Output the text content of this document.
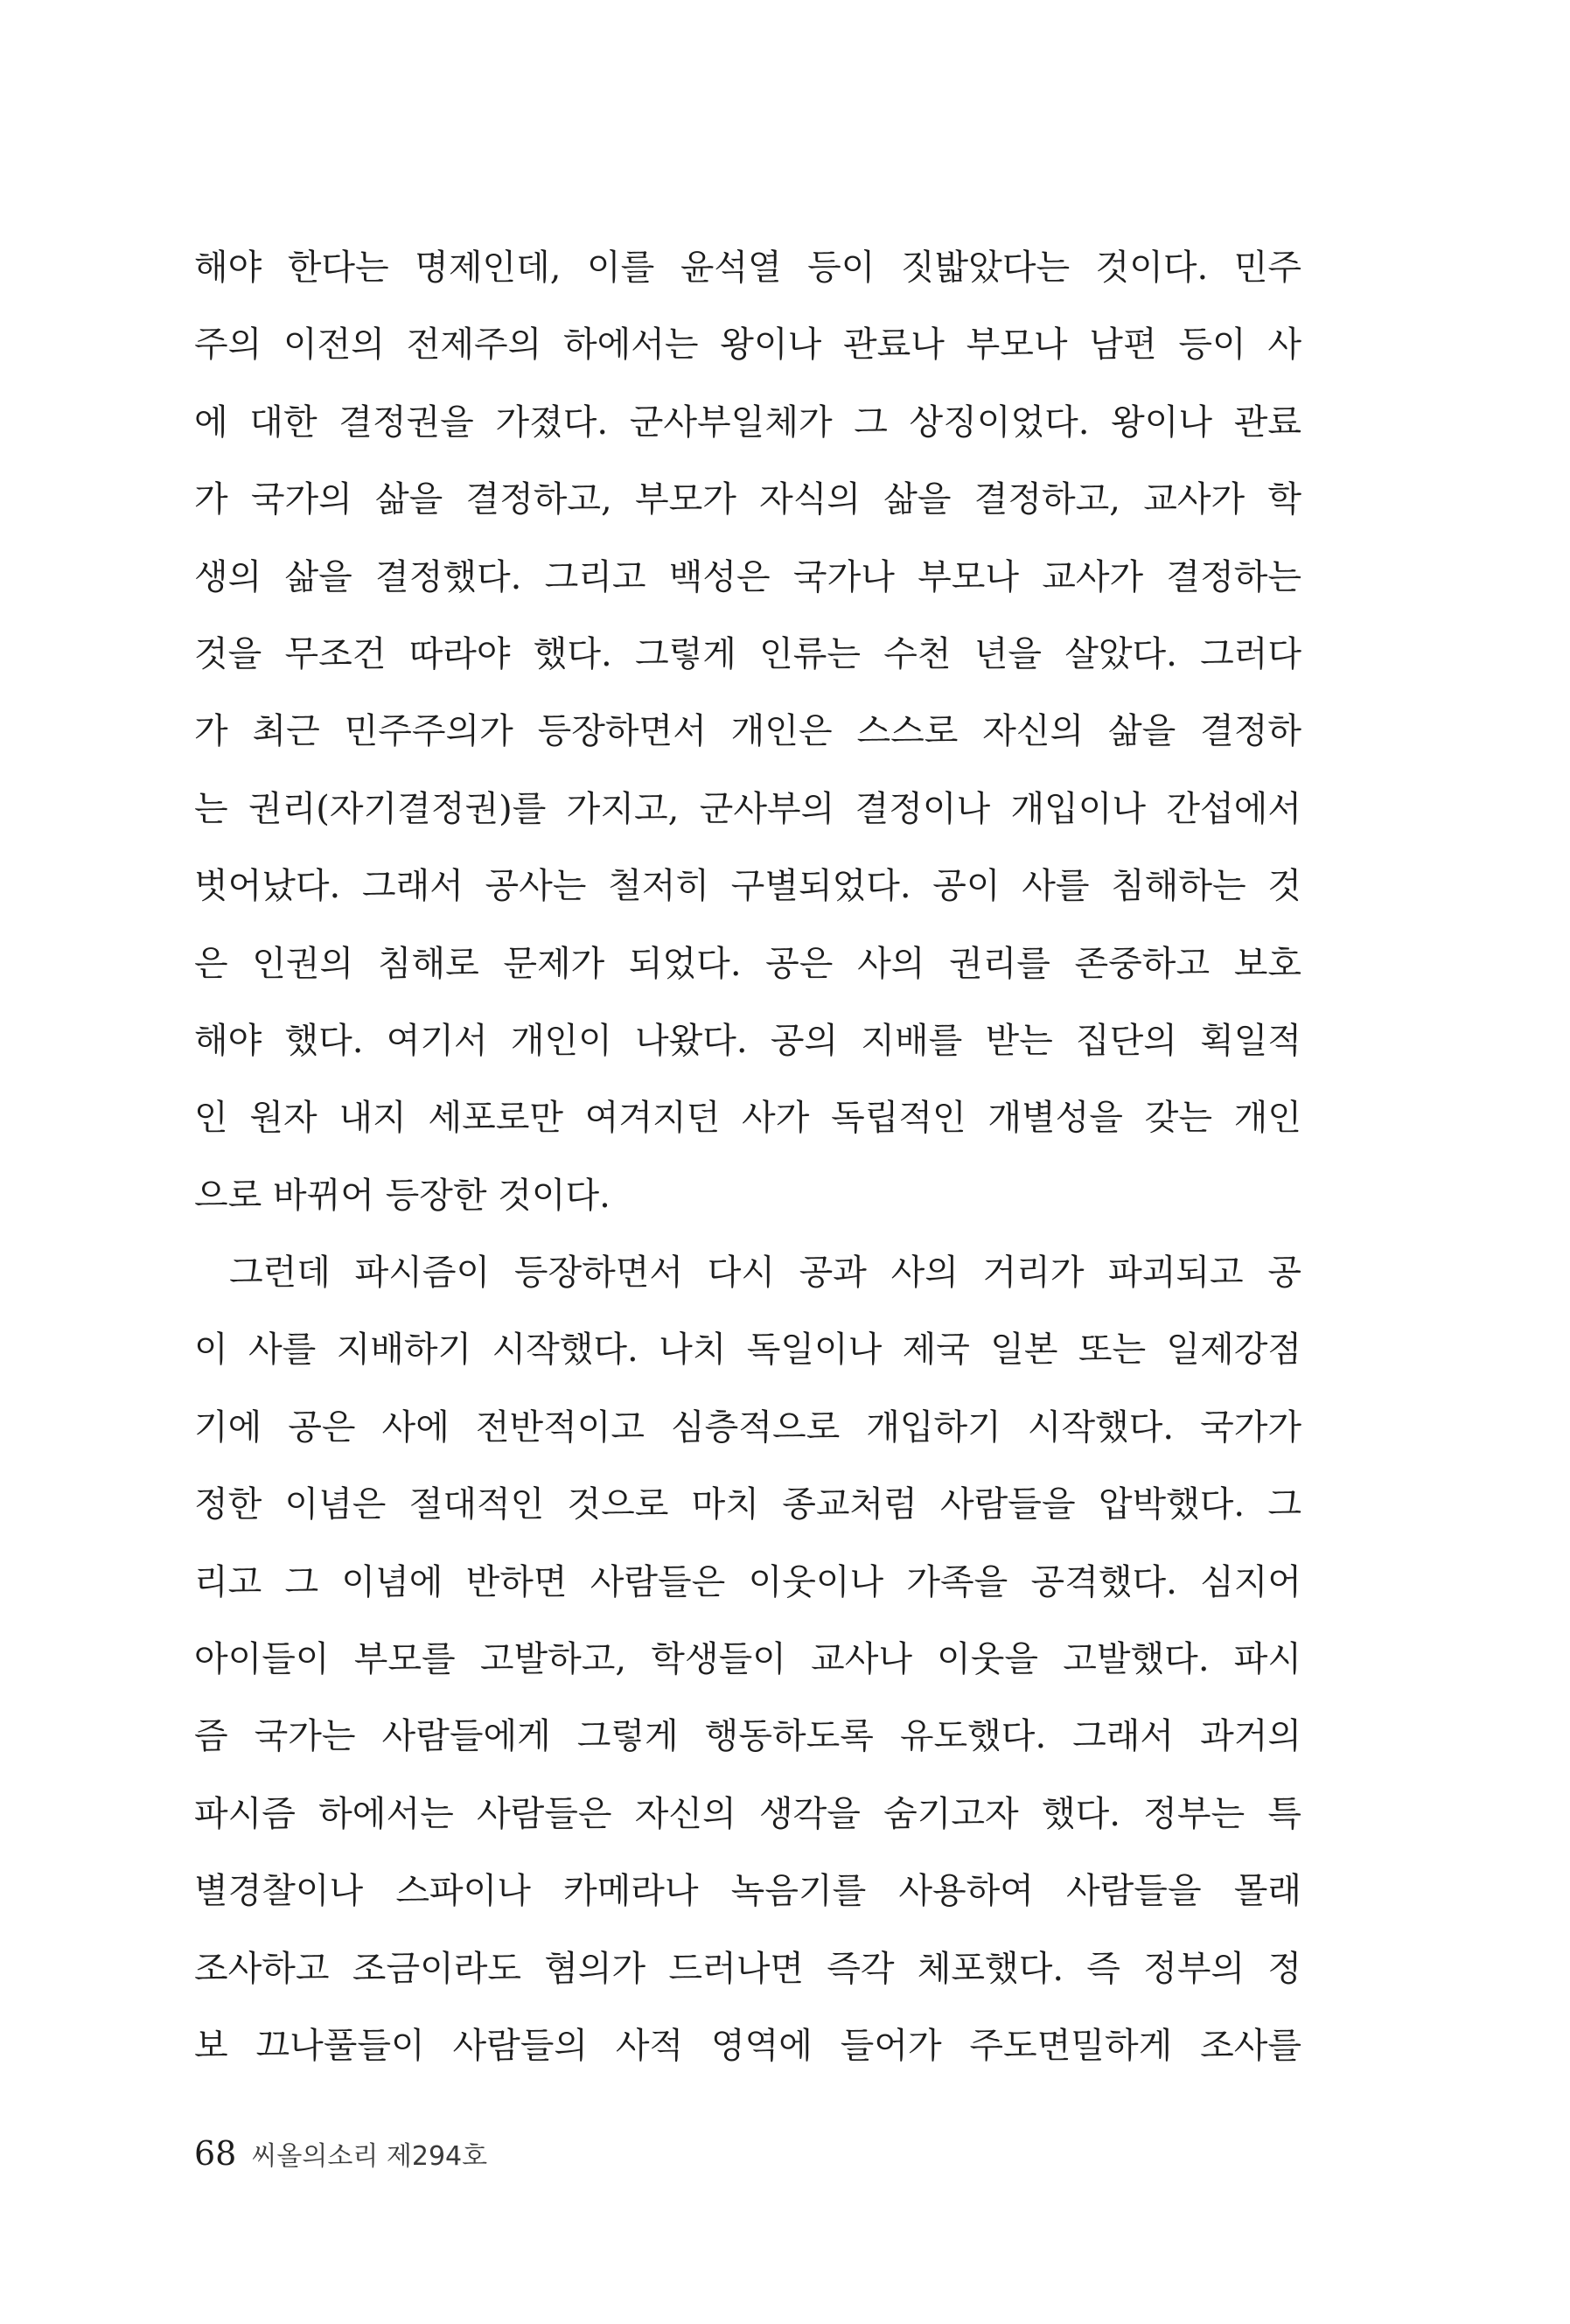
해야 한다는 명제인데, 이를 윤석열 등이 짓밟았다는 것이다. 민주
주의 이전의 전제주의 하에서는 왕이나 관료나 부모나 남편 등이 사
에 대한 결정권을 가졌다. 군사부일체가 그 상징이었다. 왕이나 관료
가 국가의 삶을 결정하고, 부모가 자식의 삶을 결정하고, 교사가 학
생의 삶을 결정했다. 그리고 백성은 국가나 부모나 교사가 결정하는
것을 무조건 따라야 했다. 그렇게 인류는 수천 년을 살았다. 그러다
가 최근 민주주의가 등장하면서 개인은 스스로 자신의 삶을 결정하
는 권리(자기결정권)를 가지고, 군사부의 결정이나 개입이나 간섭에서
벗어났다. 그래서 공사는 철저히 구별되었다. 공이 사를 침해하는 것
은 인권의 침해로 문제가 되었다. 공은 사의 권리를 존중하고 보호
해야 했다. 여기서 개인이 나왔다. 공의 지배를 받는 집단의 획일적
인 원자 내지 세포로만 여겨지던 사가 독립적인 개별성을 갖는 개인
으로 바뀌어 등장한 것이다.
그런데 파시즘이 등장하면서 다시 공과 사의 거리가 파괴되고 공
이 사를 지배하기 시작했다. 나치 독일이나 제국 일본 또는 일제강점
기에 공은 사에 전반적이고 심층적으로 개입하기 시작했다. 국가가
정한 이념은 절대적인 것으로 마치 종교처럼 사람들을 압박했다. 그
리고 그 이념에 반하면 사람들은 이웃이나 가족을 공격했다. 심지어
아이들이 부모를 고발하고, 학생들이 교사나 이웃을 고발했다. 파시
즘 국가는 사람들에게 그렇게 행동하도록 유도했다. 그래서 과거의
파시즘 하에서는 사람들은 자신의 생각을 숨기고자 했다. 정부는 특
별경찰이나 스파이나 카메라나 녹음기를 사용하여 사람들을 몰래
조사하고 조금이라도 혐의가 드러나면 즉각 체포했다. 즉 정부의 정
보 끄나풀들이 사람들의 사적 영역에 들어가 주도면밀하게 조사를
68 씨올의소리 제294호
